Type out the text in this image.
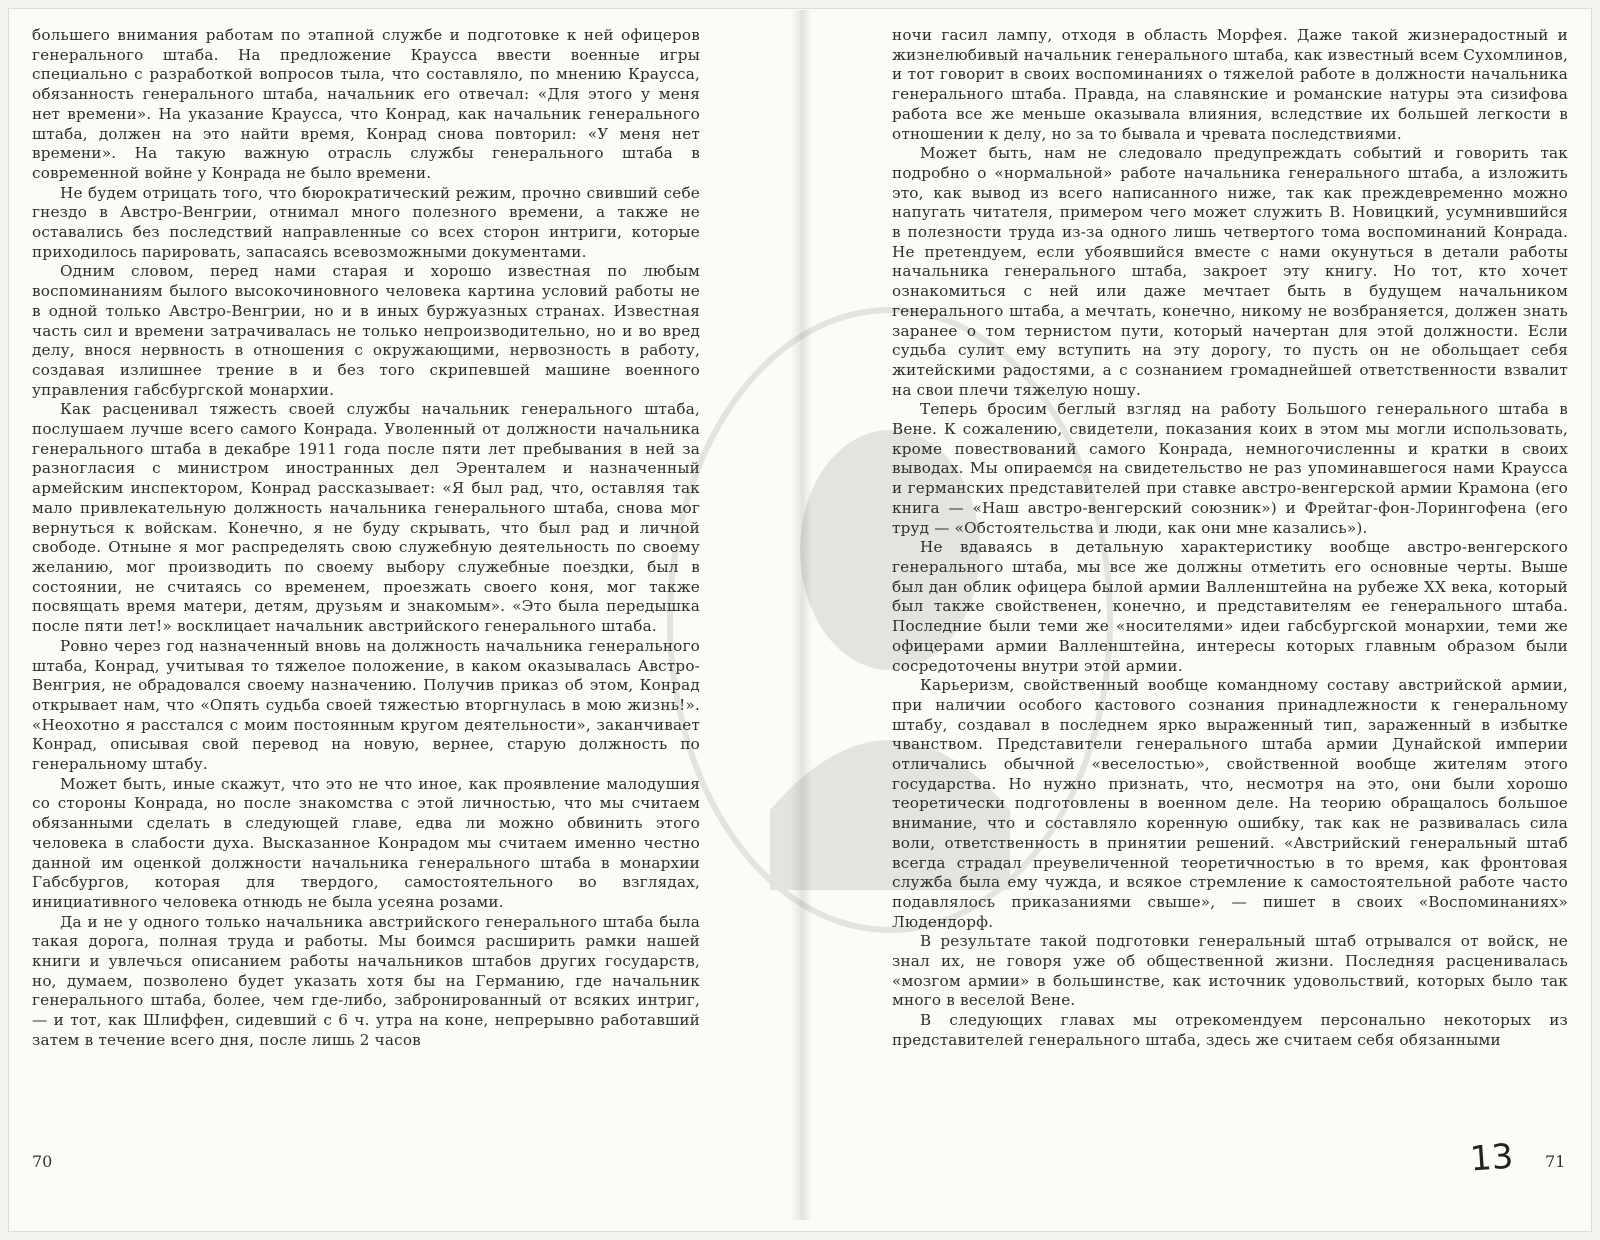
большего внимания работам по этапной службе и подготовке к ней офицеров генерального штаба. На предложение Краусса ввести военные игры специально с разработкой вопросов тыла, что составляло, по мнению Краусса, обязанность генерального штаба, начальник его отвечал: «Для этого у меня нет времени». На указание Краусса, что Конрад, как начальник генерального штаба, должен на это найти время, Конрад снова повторил: «У меня нет времени». На такую важную отрасль службы генерального штаба в современной войне у Конрада не было времени.

Не будем отрицать того, что бюрократический режим, прочно свивший себе гнездо в Австро-Венгрии, отнимал много полезного времени, а также не оставались без последствий направленные со всех сторон интриги, которые приходилось парировать, запасаясь всевозможными документами.

Одним словом, перед нами старая и хорошо известная по любым воспоминаниям былого высокочиновного человека картина условий работы не в одной только Австро-Венгрии, но и в иных буржуазных странах. Известная часть сил и времени затрачивалась не только непроизводительно, но и во вред делу, внося нервность в отношения с окружающими, нервозность в работу, создавая излишнее трение в и без того скрипевшей машине военного управления габсбургской монархии.

Как расценивал тяжесть своей службы начальник генерального штаба, послушаем лучше всего самого Конрада. Уволенный от должности начальника генерального штаба в декабре 1911 года после пяти лет пребывания в ней за разногласия с министром иностранных дел Эренталем и назначенный армейским инспектором, Конрад рассказывает: «Я был рад, что, оставляя так мало привлекательную должность начальника генерального штаба, снова мог вернуться к войскам. Конечно, я не буду скрывать, что был рад и личной свободе. Отныне я мог распределять свою служебную деятельность по своему желанию, мог производить по своему выбору служебные поездки, был в состоянии, не считаясь со временем, проезжать своего коня, мог также посвящать время матери, детям, друзьям и знакомым». «Это была передышка после пяти лет!» восклицает начальник австрийского генерального штаба.

Ровно через год назначенный вновь на должность начальника генерального штаба, Конрад, учитывая то тяжелое положение, в каком оказывалась Австро-Венгрия, не обрадовался своему назначению. Получив приказ об этом, Конрад открывает нам, что «Опять судьба своей тяжестью вторгнулась в мою жизнь!». «Неохотно я расстался с моим постоянным кругом деятельности», заканчивает Конрад, описывая свой перевод на новую, вернее, старую должность по генеральному штабу.

Может быть, иные скажут, что это не что иное, как проявление малодушия со стороны Конрада, но после знакомства с этой личностью, что мы считаем обязанными сделать в следующей главе, едва ли можно обвинить этого человека в слабости духа. Высказанное Конрадом мы считаем именно честно данной им оценкой должности начальника генерального штаба в монархии Габсбургов, которая для твердого, самостоятельного во взглядах, инициативного человека отнюдь не была усеяна розами.

Да и не у одного только начальника австрийского генерального штаба была такая дорога, полная труда и работы. Мы боимся расширить рамки нашей книги и увлечься описанием работы начальников штабов других государств, но, думаем, позволено будет указать хотя бы на Германию, где начальник генерального штаба, более, чем где-либо, забронированный от всяких интриг, — и тот, как Шлиффен, сидевший с 6 ч. утра на коне, непрерывно работавший затем в течение всего дня, после лишь 2 часов

ночи гасил лампу, отходя в область Морфея. Даже такой жизнерадостный и жизнелюбивый начальник генерального штаба, как известный всем Сухомлинов, и тот говорит в своих воспоминаниях о тяжелой работе в должности начальника генерального штаба. Правда, на славянские и романские натуры эта сизифова работа все же меньше оказывала влияния, вследствие их большей легкости в отношении к делу, но за то бывала и чревата последствиями.

Может быть, нам не следовало предупреждать событий и говорить так подробно о «нормальной» работе начальника генерального штаба, а изложить это, как вывод из всего написанного ниже, так как преждевременно можно напугать читателя, примером чего может служить В. Новицкий, усумнившийся в полезности труда из-за одного лишь четвертого тома воспоминаний Конрада. Не претендуем, если убоявшийся вместе с нами окунуться в детали работы начальника генерального штаба, закроет эту книгу. Но тот, кто хочет ознакомиться с ней или даже мечтает быть в будущем начальником генерального штаба, а мечтать, конечно, никому не возбраняется, должен знать заранее о том тернистом пути, который начертан для этой должности. Если судьба сулит ему вступить на эту дорогу, то пусть он не обольщает себя житейскими радостями, а с сознанием громаднейшей ответственности взвалит на свои плечи тяжелую ношу.

Теперь бросим беглый взгляд на работу Большого генерального штаба в Вене. К сожалению, свидетели, показания коих в этом мы могли использовать, кроме повествований самого Конрада, немногочисленны и кратки в своих выводах. Мы опираемся на свидетельство не раз упоминавшегося нами Краусса и германских представителей при ставке австро-венгерской армии Крамона (его книга — «Наш австро-венгерский союзник») и Фрейтаг-фон-Лорингофена (его труд — «Обстоятельства и люди, как они мне казались»).

Не вдаваясь в детальную характеристику вообще австро-венгерского генерального штаба, мы все же должны отметить его основные черты. Выше был дан облик офицера былой армии Валленштейна на рубеже XX века, который был также свойственен, конечно, и представителям ее генерального штаба. Последние были теми же «носителями» идеи габсбургской монархии, теми же офицерами армии Валленштейна, интересы которых главным образом были сосредоточены внутри этой армии.

Карьеризм, свойственный вообще командному составу австрийской армии, при наличии особого кастового сознания принадлежности к генеральному штабу, создавал в последнем ярко выраженный тип, зараженный в избытке чванством. Представители генерального штаба армии Дунайской империи отличались обычной «веселостью», свойственной вообще жителям этого государства. Но нужно признать, что, несмотря на это, они были хорошо теоретически подготовлены в военном деле. На теорию обращалось большое внимание, что и составляло коренную ошибку, так как не развивалась сила воли, ответственность в принятии решений. «Австрийский генеральный штаб всегда страдал преувеличенной теоретичностью в то время, как фронтовая служба была ему чужда, и всякое стремление к самостоятельной работе часто подавлялось приказаниями свыше», — пишет в своих «Воспоминаниях» Людендорф.

В результате такой подготовки генеральный штаб отрывался от войск, не знал их, не говоря уже об общественной жизни. Последняя расценивалась «мозгом армии» в большинстве, как источник удовольствий, которых было так много в веселой Вене.

В следующих главах мы отрекомендуем персонально некоторых из представителей генерального штаба, здесь же считаем себя обязанными

70	13 71
